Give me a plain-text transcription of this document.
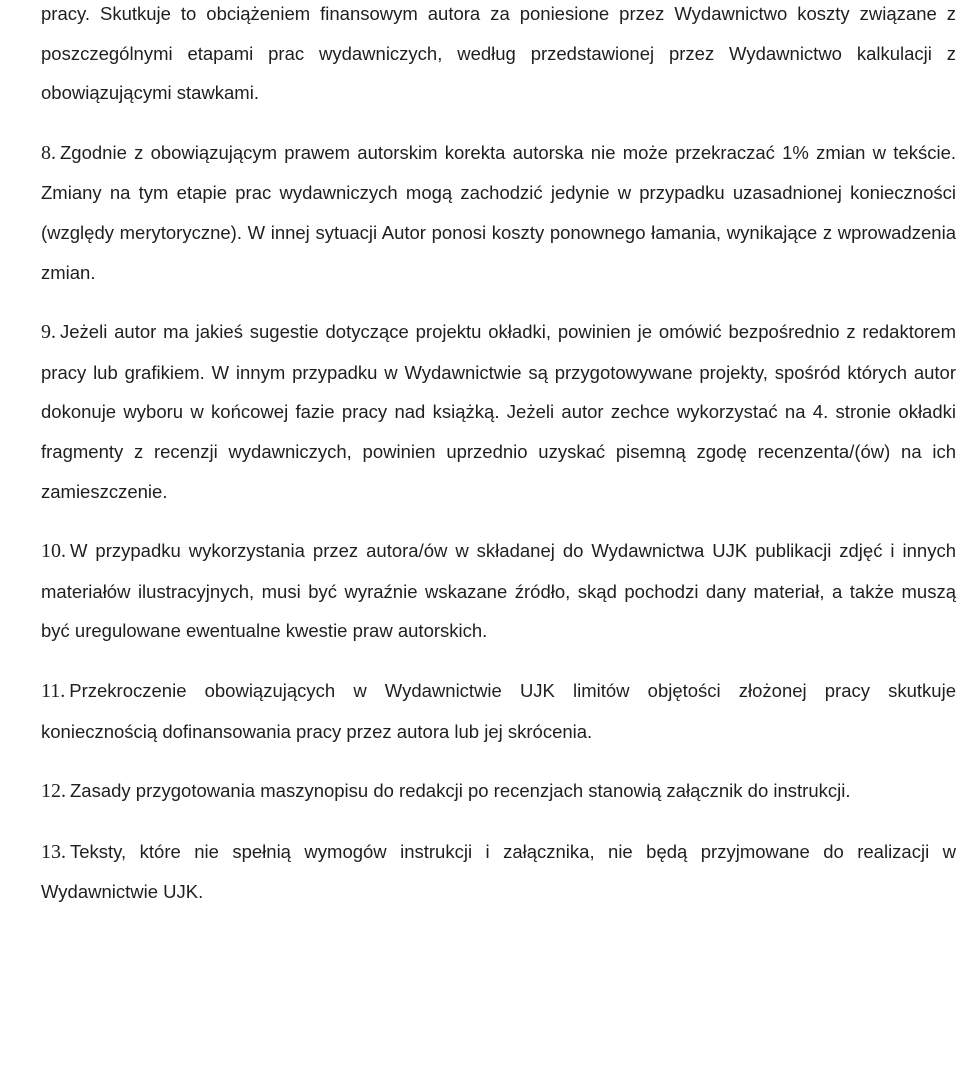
pracy. Skutkuje to obciążeniem finansowym autora za poniesione przez Wydawnictwo koszty związane z poszczególnymi etapami prac wydawniczych, według przedstawionej przez Wydawnictwo kalkulacji z obowiązującymi stawkami.

8. Zgodnie z obowiązującym prawem autorskim korekta autorska nie może przekraczać 1% zmian w tekście. Zmiany na tym etapie prac wydawniczych mogą zachodzić jedynie w przypadku uzasadnionej konieczności (względy merytoryczne). W innej sytuacji Autor ponosi koszty ponownego łamania, wynikające z wprowadzenia zmian.

9. Jeżeli autor ma jakieś sugestie dotyczące projektu okładki, powinien je omówić bezpośrednio z redaktorem pracy lub grafikiem. W innym przypadku w Wydawnictwie są przygotowywane projekty, spośród których autor dokonuje wyboru w końcowej fazie pracy nad książką. Jeżeli autor zechce wykorzystać na 4. stronie okładki fragmenty z recenzji wydawniczych, powinien uprzednio uzyskać pisemną zgodę recenzenta/(ów) na ich zamieszczenie.

10. W przypadku wykorzystania przez autora/ów w składanej do Wydawnictwa UJK publikacji zdjęć i innych materiałów ilustracyjnych, musi być wyraźnie wskazane źródło, skąd pochodzi dany materiał, a także muszą być uregulowane ewentualne kwestie praw autorskich.

11. Przekroczenie obowiązujących w Wydawnictwie UJK limitów objętości złożonej pracy skutkuje koniecznością dofinansowania pracy przez autora lub jej skrócenia.

12. Zasady przygotowania maszynopisu do redakcji po recenzjach stanowią załącznik do instrukcji.

13. Teksty, które nie spełnią wymogów instrukcji i załącznika, nie będą przyjmowane do realizacji w Wydawnictwie UJK.
